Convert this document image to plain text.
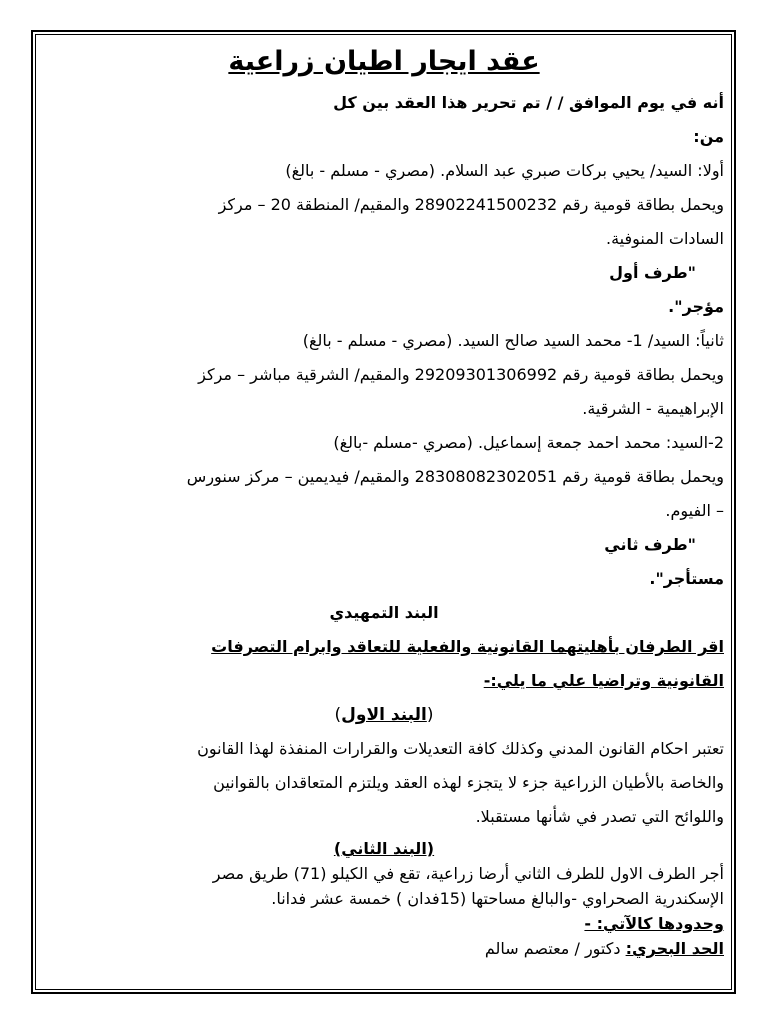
عقد ايجار اطيان زراعية
أنه في يوم الموافق / / تم تحرير هذا العقد بين كل
من:
أولا: السيد/ يحيي بركات صبري عبد السلام. (مصري - مسلم - بالغ)
ويحمل بطاقة قومية رقم 28902241500232 والمقيم/ المنطقة 20 – مركز
السادات المنوفية.
"طرف أول
مؤجر".
ثانياً: السيد/ 1- محمد السيد صالح السيد. (مصري - مسلم - بالغ)
ويحمل بطاقة قومية رقم 29209301306992 والمقيم/ الشرقية مباشر – مركز
الإبراهيمية - الشرقية.
2-السيد: محمد احمد جمعة إسماعيل. (مصري -مسلم -بالغ)
ويحمل بطاقة قومية رقم 28308082302051 والمقيم/ فيديمين – مركز سنورس
– الفيوم.
"طرف ثاني
مستأجر".
البند التمهيدي
اقر الطرفان بأهليتهما القانونية والفعلية للتعاقد وابرام التصرفات
القانونية وتراضيا علي ما يلي:-
(البند الاول)
تعتبر احكام القانون المدني وكذلك كافة التعديلات والقرارات المنفذة لهذا القانون
والخاصة بالأطيان الزراعية جزء لا يتجزء لهذه العقد ويلتزم المتعاقدان بالقوانين
واللوائح التي تصدر في شأنها مستقبلا.
(البند الثاني)
أجر الطرف الاول للطرف الثاني أرضا زراعية، تقع في الكيلو (71) طريق مصر
الإسكندرية الصحراوي -والبالغ مساحتها (15فدان ) خمسة عشر فدانا.
وحدودها كالآتي: -
الحد البحري: دكتور / معتصم سالم
